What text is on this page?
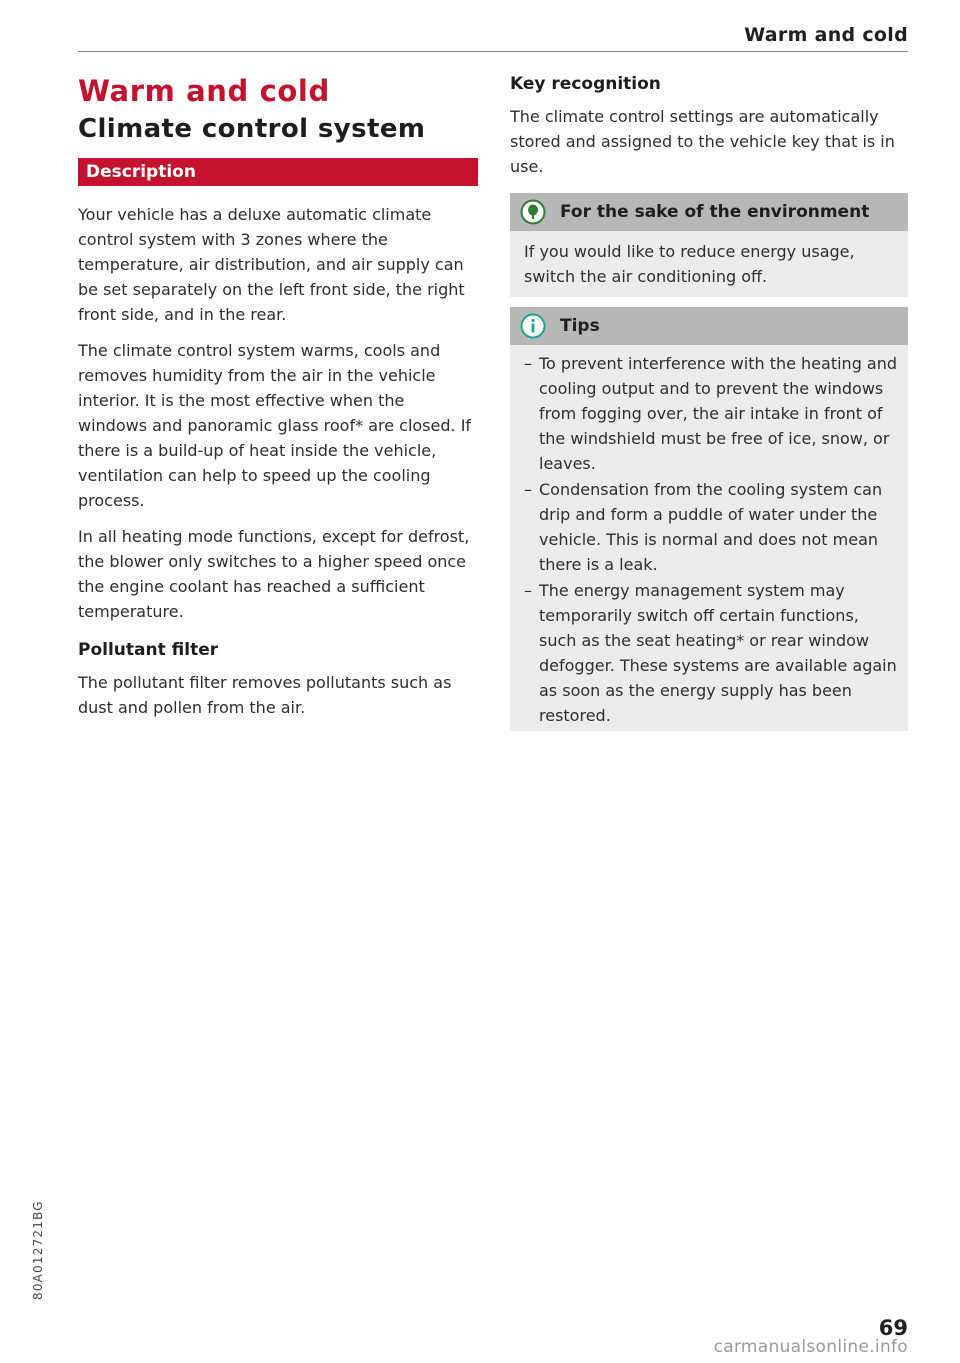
Warm and cold
Warm and cold
Climate control system
Description

Your vehicle has a deluxe automatic climate control system with 3 zones where the temperature, air distribution, and air supply can be set separately on the left front side, the right front side, and in the rear.

The climate control system warms, cools and removes humidity from the air in the vehicle interior. It is the most effective when the windows and panoramic glass roof* are closed. If there is a build-up of heat inside the vehicle, ventilation can help to speed up the cooling process.

In all heating mode functions, except for defrost, the blower only switches to a higher speed once the engine coolant has reached a sufficient temperature.

Pollutant filter

The pollutant filter removes pollutants such as dust and pollen from the air.

Key recognition

The climate control settings are automatically stored and assigned to the vehicle key that is in use.

For the sake of the environment

If you would like to reduce energy usage, switch the air conditioning off.

Tips
– To prevent interference with the heating and cooling output and to prevent the windows from fogging over, the air intake in front of the windshield must be free of ice, snow, or leaves.
– Condensation from the cooling system can drip and form a puddle of water under the vehicle. This is normal and does not mean there is a leak.
– The energy management system may temporarily switch off certain functions, such as the seat heating* or rear window defogger. These systems are available again as soon as the energy supply has been restored.
80A012721BG
69
carmanualsonline.info
